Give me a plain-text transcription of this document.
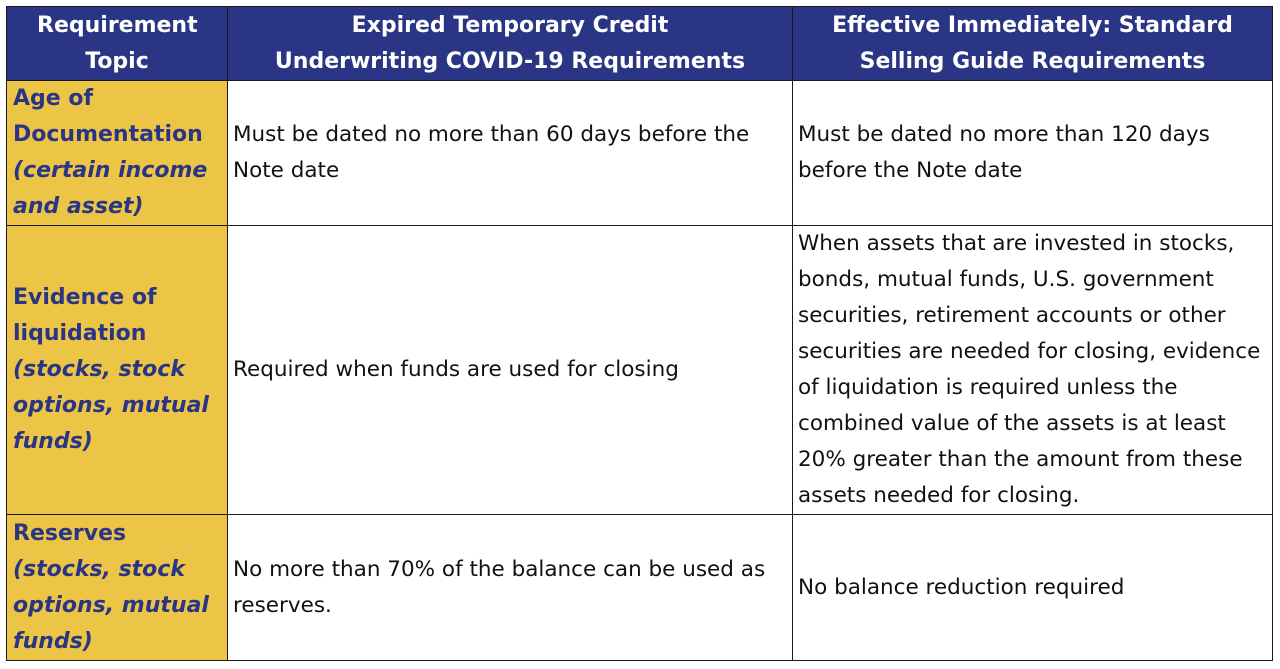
Requirement Topic	Expired Temporary Credit Underwriting COVID-19 Requirements	Effective Immediately: Standard Selling Guide Requirements
Age of Documentation (certain income and asset)	Must be dated no more than 60 days before the Note date	Must be dated no more than 120 days before the Note date
Evidence of liquidation (stocks, stock options, mutual funds)	Required when funds are used for closing	When assets that are invested in stocks, bonds, mutual funds, U.S. government securities, retirement accounts or other securities are needed for closing, evidence of liquidation is required unless the combined value of the assets is at least 20% greater than the amount from these assets needed for closing.
Reserves (stocks, stock options, mutual funds)	No more than 70% of the balance can be used as reserves.	No balance reduction required
